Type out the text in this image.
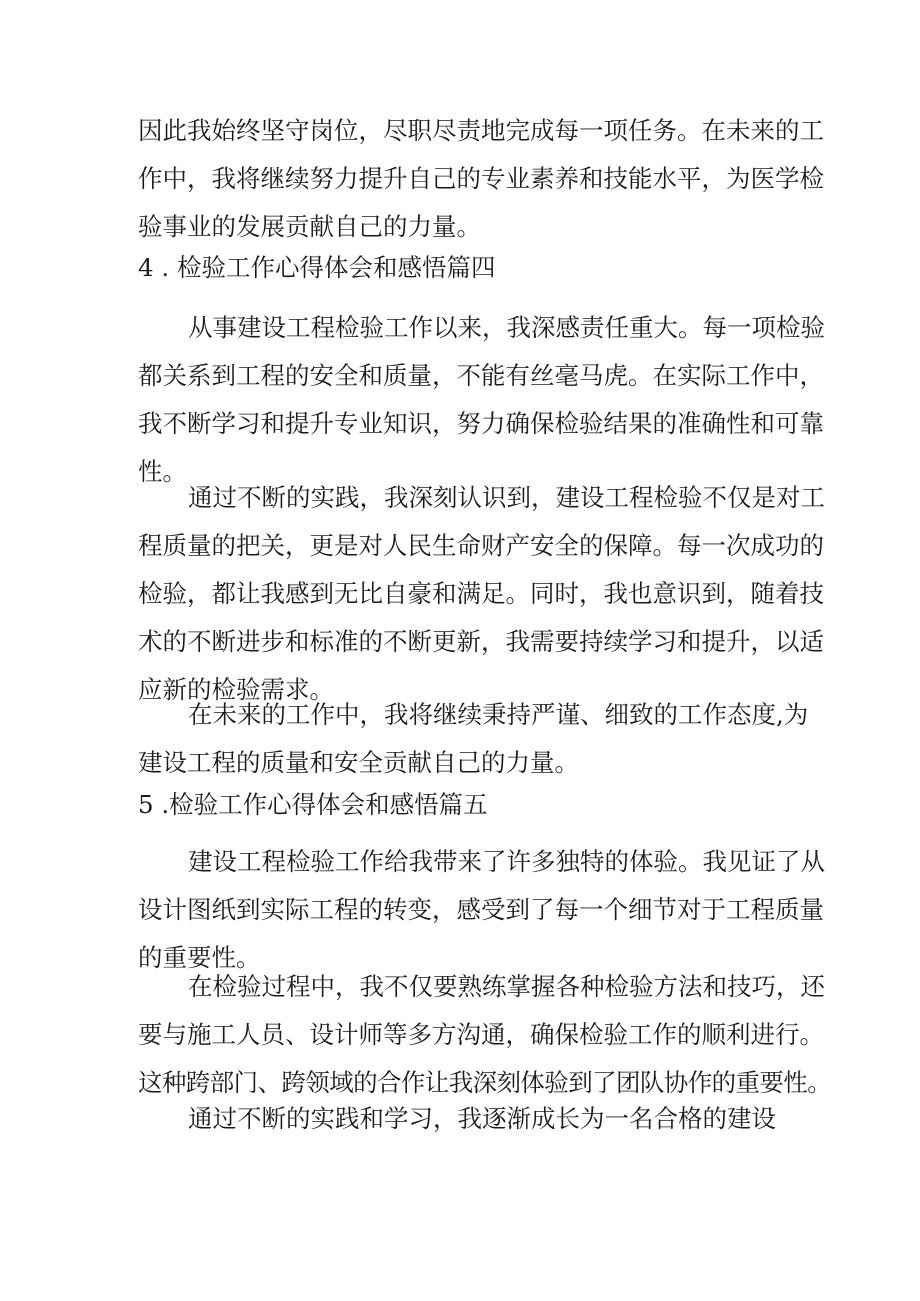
因此我始终坚守岗位，尽职尽责地完成每一项任务。在未来的工
作中，我将继续努力提升自己的专业素养和技能水平，为医学检
验事业的发展贡献自己的力量。
4 . 检验工作心得体会和感悟篇四
从事建设工程检验工作以来，我深感责任重大。每一项检验
都关系到工程的安全和质量，不能有丝毫马虎。在实际工作中，
我不断学习和提升专业知识，努力确保检验结果的准确性和可靠
性。
通过不断的实践，我深刻认识到，建设工程检验不仅是对工
程质量的把关，更是对人民生命财产安全的保障。每一次成功的
检验，都让我感到无比自豪和满足。同时，我也意识到，随着技
术的不断进步和标准的不断更新，我需要持续学习和提升，以适
应新的检验需求。
在未来的工作中，我将继续秉持严谨、细致的工作态度,为
建设工程的质量和安全贡献自己的力量。
5 .检验工作心得体会和感悟篇五
建设工程检验工作给我带来了许多独特的体验。我见证了从
设计图纸到实际工程的转变，感受到了每一个细节对于工程质量
的重要性。
在检验过程中，我不仅要熟练掌握各种检验方法和技巧，还
要与施工人员、设计师等多方沟通，确保检验工作的顺利进行。
这种跨部门、跨领域的合作让我深刻体验到了团队协作的重要性。
通过不断的实践和学习，我逐渐成长为一名合格的建设
